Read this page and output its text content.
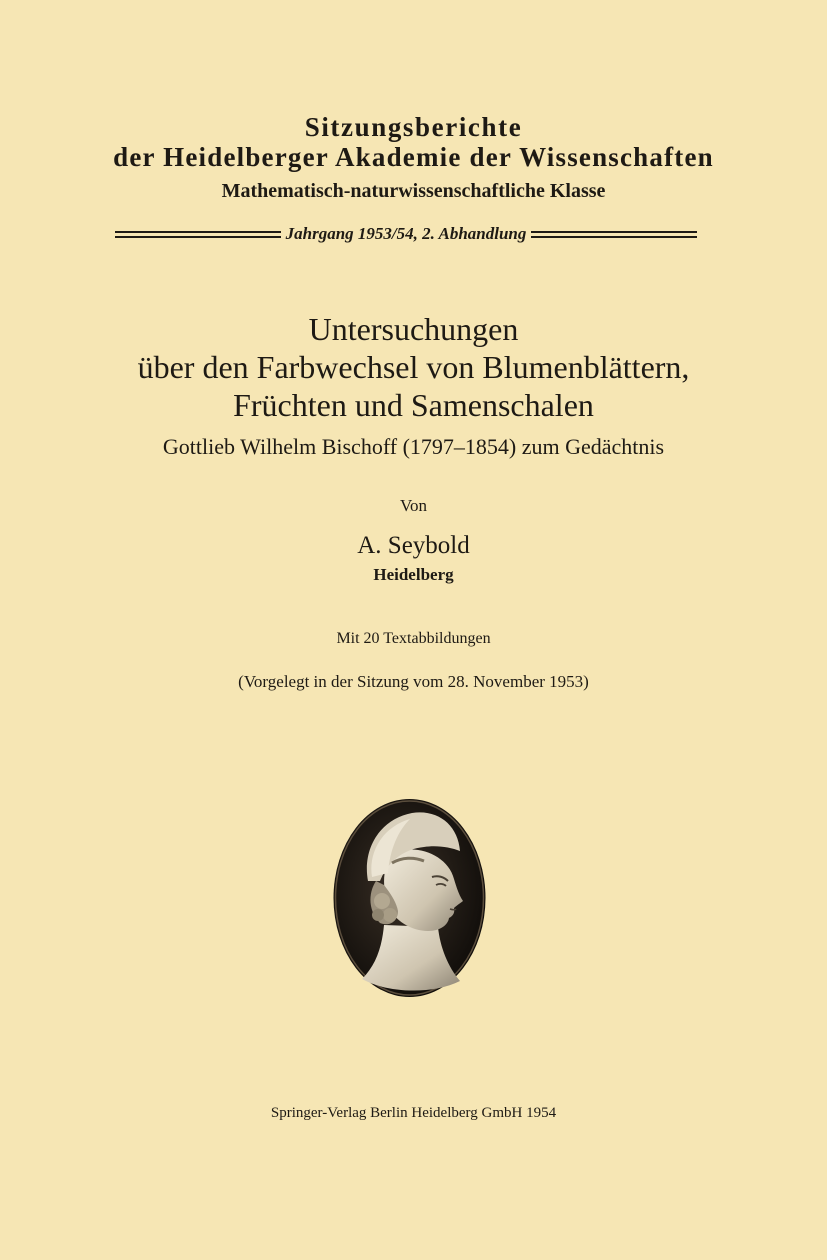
Sitzungsberichte
der Heidelberger Akademie der Wissenschaften
Mathematisch-naturwissenschaftliche Klasse
Jahrgang 1953/54, 2. Abhandlung
Untersuchungen
über den Farbwechsel von Blumenblättern,
Früchten und Samenschalen
Gottlieb Wilhelm Bischoff (1797–1854) zum Gedächtnis
Von
A. Seybold
Heidelberg
Mit 20 Textabbildungen
(Vorgelegt in der Sitzung vom 28. November 1953)
Springer-Verlag Berlin Heidelberg GmbH 1954
